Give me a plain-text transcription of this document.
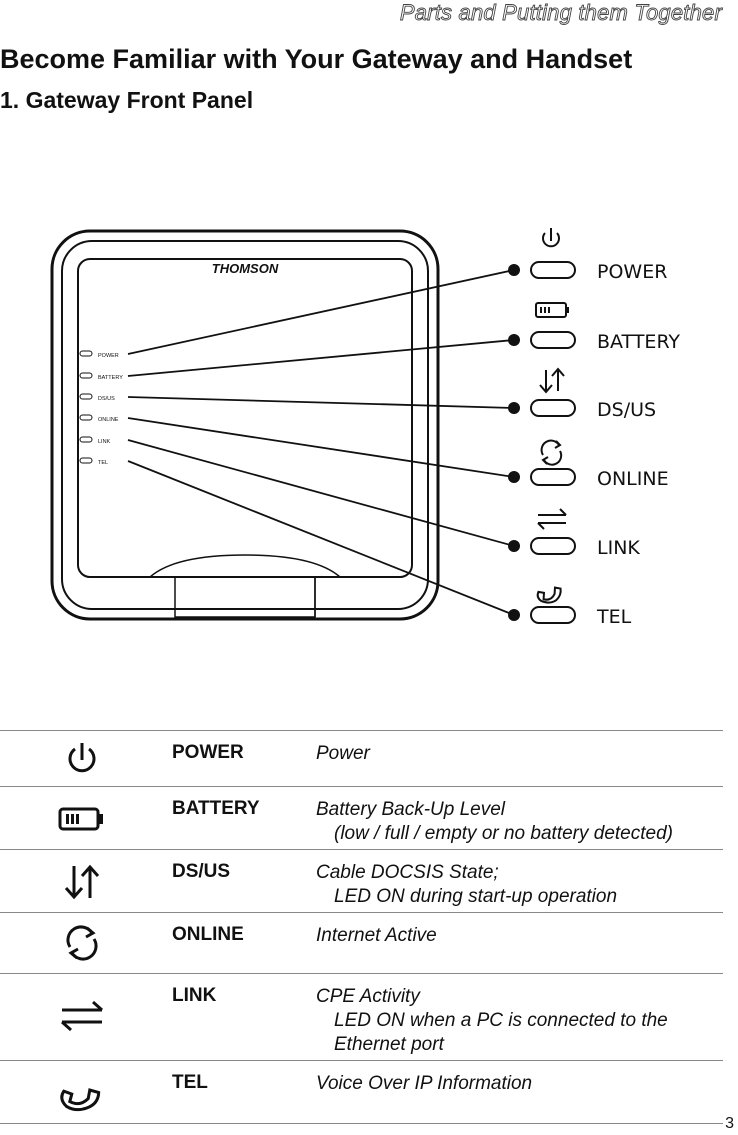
Parts and Putting them Together
Become Familiar with Your Gateway and Handset
1. Gateway Front Panel
THOMSON
POWER
BATTERY
DS/US
ONLINE
LINK
TEL
POWER
BATTERY
DS/US
ONLINE
LINK
TEL
POWER	Power
BATTERY	Battery Back-Up Level
(low / full / empty or no battery detected)
DS/US	Cable DOCSIS State;
LED ON during start-up operation
ONLINE	Internet Active
LINK	CPE Activity
LED ON when a PC is connected to the
Ethernet port
TEL	Voice Over IP Information
3
